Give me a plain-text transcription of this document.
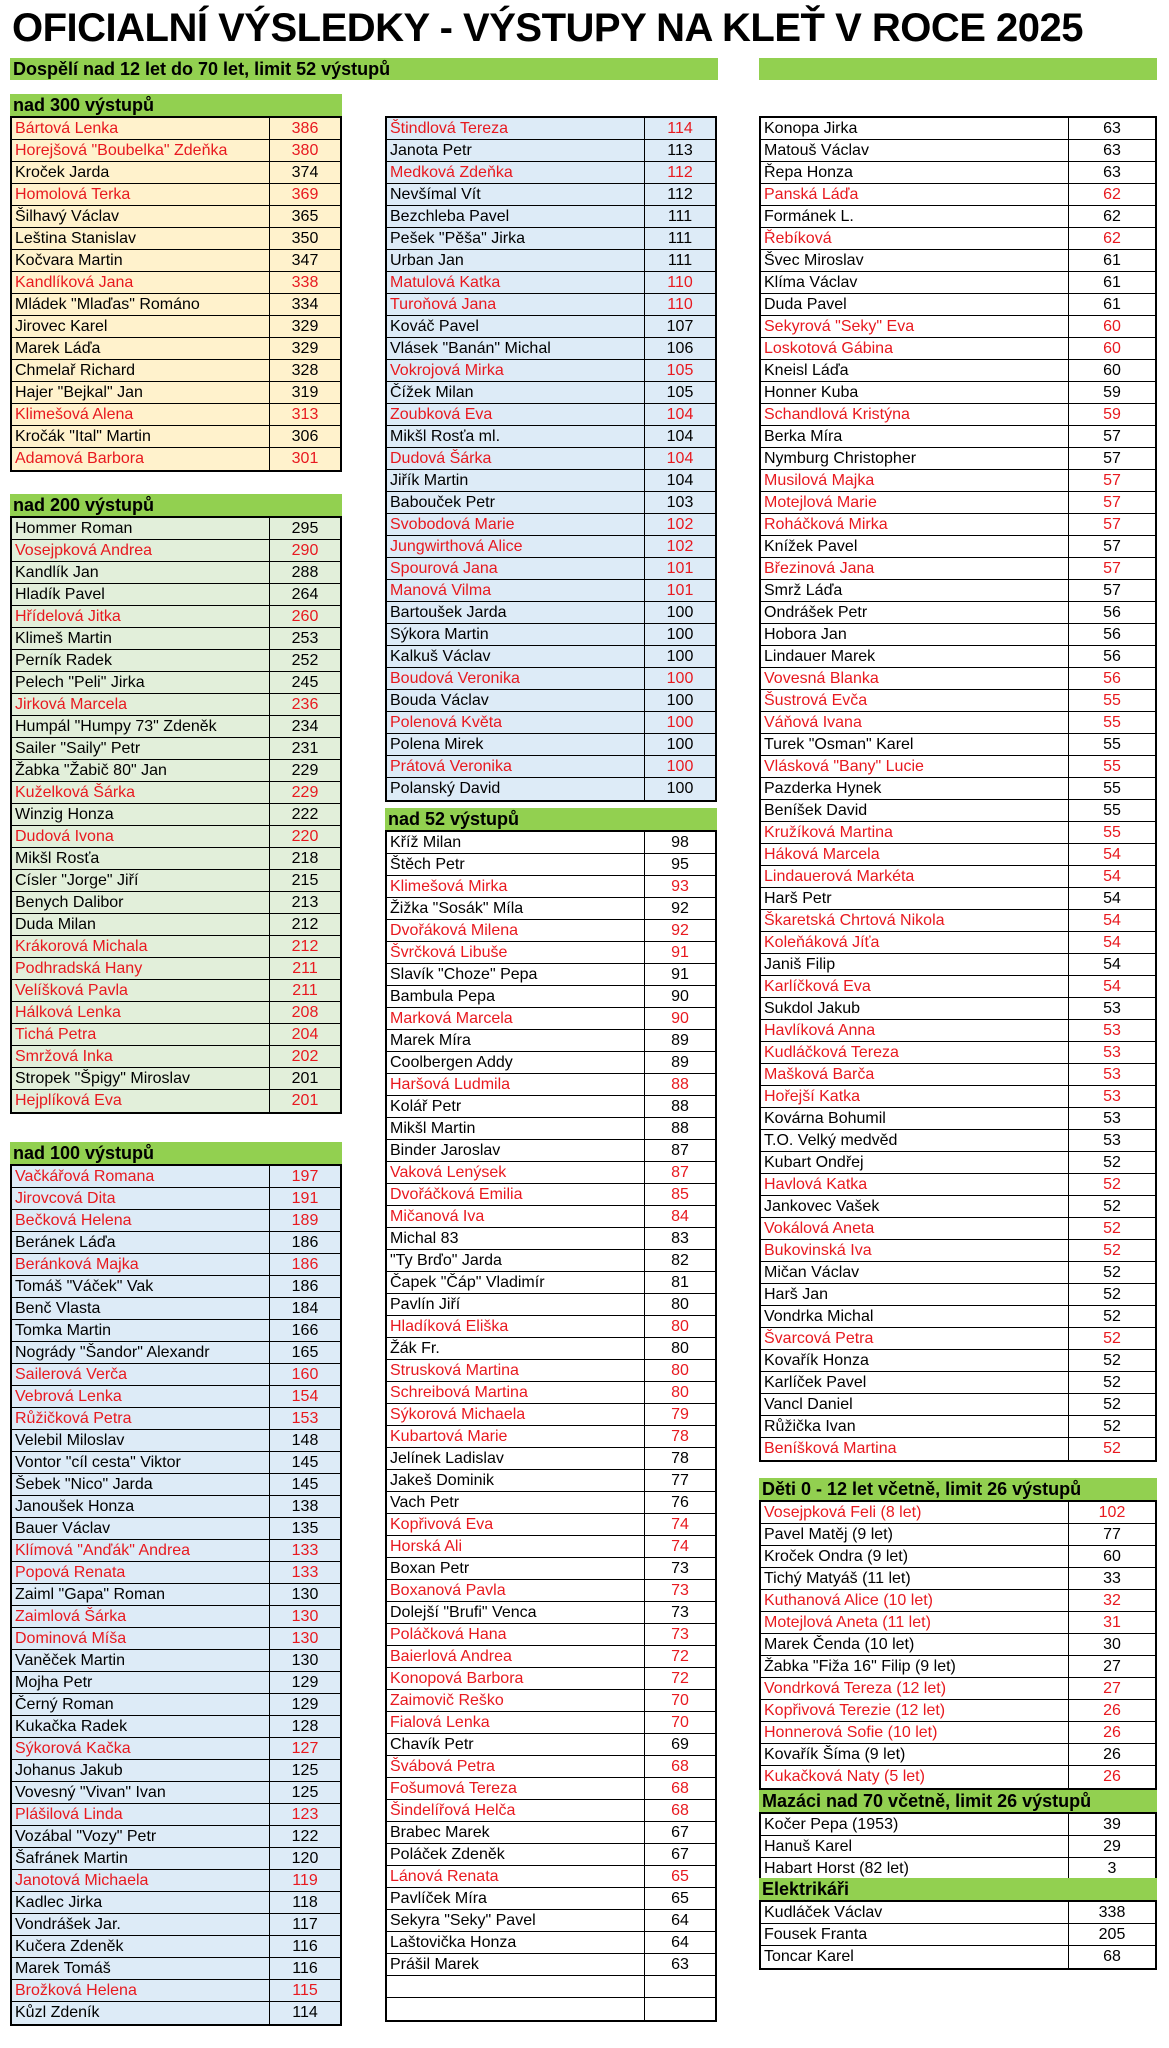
OFICIALNÍ VÝSLEDKY - VÝSTUPY NA KLEŤ V ROCE 2025
Dospělí nad 12 let do 70 let, limit 52 výstupů
nad 300 výstupů
Bártová Lenka	386
Horejšová "Boubelka" Zdeňka	380
Kroček Jarda	374
Homolová Terka	369
Šilhavý Václav	365
Leština Stanislav	350
Kočvara Martin	347
Kandlíková Jana	338
Mládek "Mlaďas" Románo	334
Jirovec Karel	329
Marek Láďa	329
Chmelař Richard	328
Hajer "Bejkal" Jan	319
Klimešová Alena	313
Kročák "Ital" Martin	306
Adamová Barbora	301
nad 200 výstupů
Hommer Roman	295
Vosejpková Andrea	290
Kandlík Jan	288
Hladík Pavel	264
Hřídelová Jitka	260
Klimeš Martin	253
Perník Radek	252
Pelech "Peli" Jirka	245
Jirková Marcela	236
Humpál "Humpy 73" Zdeněk	234
Sailer "Saily" Petr	231
Žabka "Žabič 80" Jan	229
Kuželková Šárka	229
Winzig Honza	222
Dudová Ivona	220
Mikšl Rosťa	218
Císler "Jorge" Jiří	215
Benych Dalibor	213
Duda Milan	212
Krákorová Michala	212
Podhradská Hany	211
Velíšková Pavla	211
Hálková Lenka	208
Tichá Petra	204
Smržová Inka	202
Stropek "Špigy" Miroslav	201
Hejplíková Eva	201
nad 100 výstupů
Vačkářová Romana	197
Jirovcová Dita	191
Bečková Helena	189
Beránek Láďa	186
Beránková Majka	186
Tomáš "Váček" Vak	186
Benč Vlasta	184
Tomka Martin	166
Nogrády "Šandor" Alexandr	165
Sailerová Verča	160
Vebrová Lenka	154
Růžičková Petra	153
Velebil Miloslav	148
Vontor "cíl cesta" Viktor	145
Šebek "Nico" Jarda	145
Janoušek Honza	138
Bauer Václav	135
Klímová "Anďák" Andrea	133
Popová Renata	133
Zaiml "Gapa" Roman	130
Zaimlová Šárka	130
Dominová Míša	130
Vaněček Martin	130
Mojha Petr	129
Černý Roman	129
Kukačka Radek	128
Sýkorová Kačka	127
Johanus Jakub	125
Vovesný "Vivan" Ivan	125
Plášilová Linda	123
Vozábal "Vozy" Petr	122
Šafránek Martin	120
Janotová Michaela	119
Kadlec Jirka	118
Vondrášek Jar.	117
Kučera Zdeněk	116
Marek Tomáš	116
Brožková Helena	115
Kůzl Zdeník	114
Štindlová Tereza	114
Janota Petr	113
Medková Zdeňka	112
Nevšímal Vít	112
Bezchleba Pavel	111
Pešek "Pěša" Jirka	111
Urban Jan	111
Matulová Katka	110
Turoňová Jana	110
Kováč Pavel	107
Vlásek "Banán" Michal	106
Vokrojová Mirka	105
Čížek Milan	105
Zoubková Eva	104
Mikšl Rosťa ml.	104
Dudová Šárka	104
Jiřík Martin	104
Babouček Petr	103
Svobodová Marie	102
Jungwirthová Alice	102
Spourová Jana	101
Manová Vilma	101
Bartoušek Jarda	100
Sýkora Martin	100
Kalkuš Václav	100
Boudová Veronika	100
Bouda Václav	100
Polenová Květa	100
Polena Mirek	100
Prátová Veronika	100
Polanský David	100
nad 52 výstupů
Kříž Milan	98
Štěch Petr	95
Klimešová Mirka	93
Žižka "Sosák" Míla	92
Dvořáková Milena	92
Švrčková Libuše	91
Slavík "Choze" Pepa	91
Bambula Pepa	90
Marková Marcela	90
Marek Míra	89
Coolbergen Addy	89
Haršová Ludmila	88
Kolář Petr	88
Mikšl Martin	88
Binder Jaroslav	87
Vaková Lenýsek	87
Dvořáčková Emilia	85
Mičanová Iva	84
Michal 83	83
"Ty Brďo" Jarda	82
Čapek "Čáp" Vladimír	81
Pavlín Jiří	80
Hladíková Eliška	80
Žák Fr.	80
Strusková Martina	80
Schreibová Martina	80
Sýkorová Michaela	79
Kubartová Marie	78
Jelínek Ladislav	78
Jakeš Dominik	77
Vach Petr	76
Kopřivová Eva	74
Horská Ali	74
Boxan Petr	73
Boxanová Pavla	73
Dolejší "Brufi" Venca	73
Poláčková Hana	73
Baierlová Andrea	72
Konopová Barbora	72
Zaimovič Reško	70
Fialová Lenka	70
Chavík Petr	69
Švábová Petra	68
Fošumová Tereza	68
Šindelířová Helča	68
Brabec Marek	67
Poláček Zdeněk	67
Lánová Renata	65
Pavlíček Míra	65
Sekyra "Seky" Pavel	64
Laštovička Honza	64
Prášil Marek	63
Konopa Jirka	63
Matouš Václav	63
Řepa Honza	63
Panská Láďa	62
Formánek L.	62
Řebíková	62
Švec Miroslav	61
Klíma Václav	61
Duda Pavel	61
Sekyrová "Seky" Eva	60
Loskotová Gábina	60
Kneisl Láďa	60
Honner Kuba	59
Schandlová Kristýna	59
Berka Míra	57
Nymburg Christopher	57
Musilová Majka	57
Motejlová Marie	57
Roháčková Mirka	57
Knížek Pavel	57
Březinová Jana	57
Smrž Láďa	57
Ondrášek Petr	56
Hobora Jan	56
Lindauer Marek	56
Vovesná Blanka	56
Šustrová Evča	55
Váňová Ivana	55
Turek "Osman" Karel	55
Vlásková "Bany" Lucie	55
Pazderka Hynek	55
Beníšek David	55
Kružíková Martina	55
Háková Marcela	54
Lindauerová Markéta	54
Harš Petr	54
Škaretská Chrtová Nikola	54
Koleňáková Jíťa	54
Janiš Filip	54
Karlíčková Eva	54
Sukdol Jakub	53
Havlíková Anna	53
Kudláčková Tereza	53
Mašková Barča	53
Hořejší Katka	53
Kovárna Bohumil	53
T.O. Velký medvěd	53
Kubart Ondřej	52
Havlová Katka	52
Jankovec Vašek	52
Vokálová Aneta	52
Bukovinská Iva	52
Mičan Václav	52
Harš Jan	52
Vondrka Michal	52
Švarcová Petra	52
Kovařík Honza	52
Karlíček Pavel	52
Vancl Daniel	52
Růžička Ivan	52
Beníšková Martina	52
Děti 0 - 12 let včetně, limit 26 výstupů
Vosejpková Feli (8 let)	102
Pavel Matěj (9 let)	77
Kroček Ondra (9 let)	60
Tichý Matyáš (11 let)	33
Kuthanová Alice (10 let)	32
Motejlová Aneta (11 let)	31
Marek Čenda (10 let)	30
Žabka "Fiža 16" Filip (9 let)	27
Vondrková Tereza (12 let)	27
Kopřivová Terezie (12 let)	26
Honnerová Sofie (10 let)	26
Kovařík Šíma (9 let)	26
Kukačková Naty (5 let)	26
Mazáci nad 70 včetně, limit 26 výstupů
Kočer Pepa (1953)	39
Hanuš Karel	29
Habart Horst (82 let)	3
Elektrikáři
Kudláček Václav	338
Fousek Franta	205
Toncar Karel	68
